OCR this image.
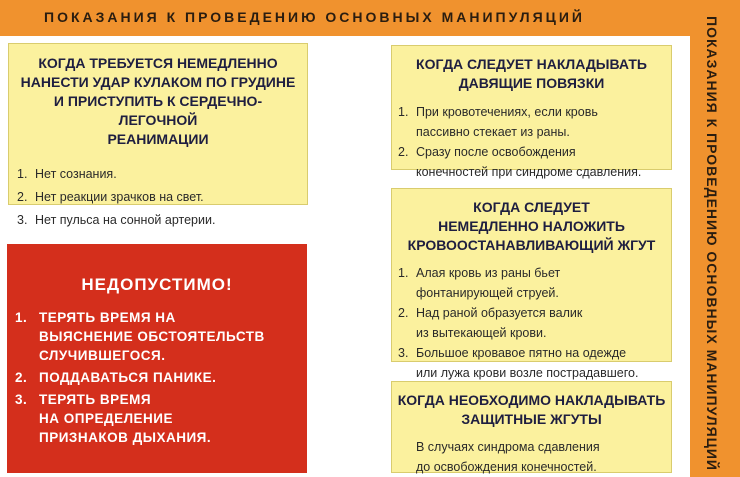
ПОКАЗАНИЯ К ПРОВЕДЕНИЮ ОСНОВНЫХ МАНИПУЛЯЦИЙ	ПОКАЗАНИЯ К ПРОВЕДЕНИЮ ОСНОВНЫХ МАНИПУЛЯЦИЙ
КОГДА ТРЕБУЕТСЯ НЕМЕДЛЕННО
НАНЕСТИ УДАР КУЛАКОМ ПО ГРУДИНЕ
И ПРИСТУПИТЬ К СЕРДЕЧНО-ЛЕГОЧНОЙ
РЕАНИМАЦИИ
1. Нет сознания.
2. Нет реакции зрачков на свет.
3. Нет пульса на сонной артерии.
НЕДОПУСТИМО!
1. ТЕРЯТЬ ВРЕМЯ НА
ВЫЯСНЕНИЕ ОБСТОЯТЕЛЬСТВ
СЛУЧИВШЕГОСЯ.
2. ПОДДАВАТЬСЯ ПАНИКЕ.
3. ТЕРЯТЬ ВРЕМЯ
НА ОПРЕДЕЛЕНИЕ
ПРИЗНАКОВ ДЫХАНИЯ.
КОГДА СЛЕДУЕТ НАКЛАДЫВАТЬ
ДАВЯЩИЕ ПОВЯЗКИ
1. При кровотечениях, если кровь
пассивно стекает из раны.
2. Сразу после освобождения
конечностей при синдроме сдавления.
КОГДА СЛЕДУЕТ
НЕМЕДЛЕННО НАЛОЖИТЬ
КРОВООСТАНАВЛИВАЮЩИЙ ЖГУТ
1. Алая кровь из раны бьет
фонтанирующей струей.
2. Над раной образуется валик
из вытекающей крови.
3. Большое кровавое пятно на одежде
или лужа крови возле пострадавшего.
КОГДА НЕОБХОДИМО НАКЛАДЫВАТЬ
ЗАЩИТНЫЕ ЖГУТЫ
В случаях синдрома сдавления
до освобождения конечностей.
